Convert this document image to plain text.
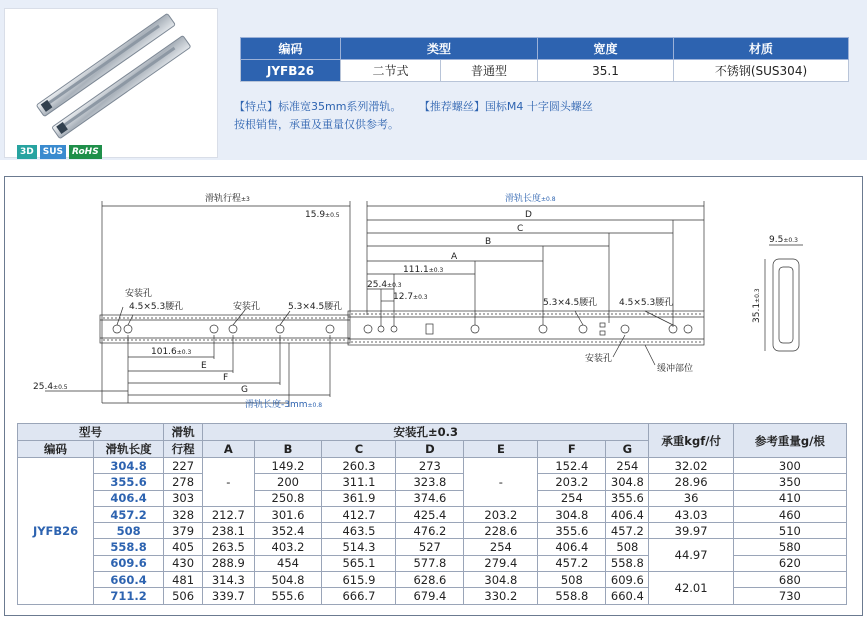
3D	SUS	RoHS
编码	类型		宽度	材质
JYFB26	二节式	普通型	35.1	不锈钢(SUS304)
【特点】标准宽35mm系列滑轨。 【推荐螺丝】国标M4 十字圆头螺丝
按根销售，承重及重量仅供参考。
滑轨行程±3	滑轨长度±0.8
15.9±0.5	D
C
B
A
111.1±0.3
25.4±0.3
12.7±0.3
安装孔
4.5×5.3腰孔	安装孔	5.3×4.5腰孔	5.3×4.5腰孔 4.5×5.3腰孔
安装孔
缓冲部位
101.6±0.3
E
F
G
25.4±0.5
滑轨长度-3mm±0.8
9.5±0.3
35.1±0.3
型号		滑轨	安装孔±0.3							承重kgf/付	参考重量g/根
编码	滑轨长度	行程	A	B	C	D	E	F	G		
JYFB26	304.8	227	-	149.2	260.3	273	-	152.4	254	32.02	300
	355.6	278		200	311.1	323.8		203.2	304.8	28.96	350
	406.4	303		250.8	361.9	374.6		254	355.6	36	410
	457.2	328	212.7	301.6	412.7	425.4	203.2	304.8	406.4	43.03	460
	508	379	238.1	352.4	463.5	476.2	228.6	355.6	457.2	39.97	510
	558.8	405	263.5	403.2	514.3	527	254	406.4	508	44.97	580
	609.6	430	288.9	454	565.1	577.8	279.4	457.2	558.8		620
	660.4	481	314.3	504.8	615.9	628.6	304.8	508	609.6	42.01	680
	711.2	506	339.7	555.6	666.7	679.4	330.2	558.8	660.4		730
